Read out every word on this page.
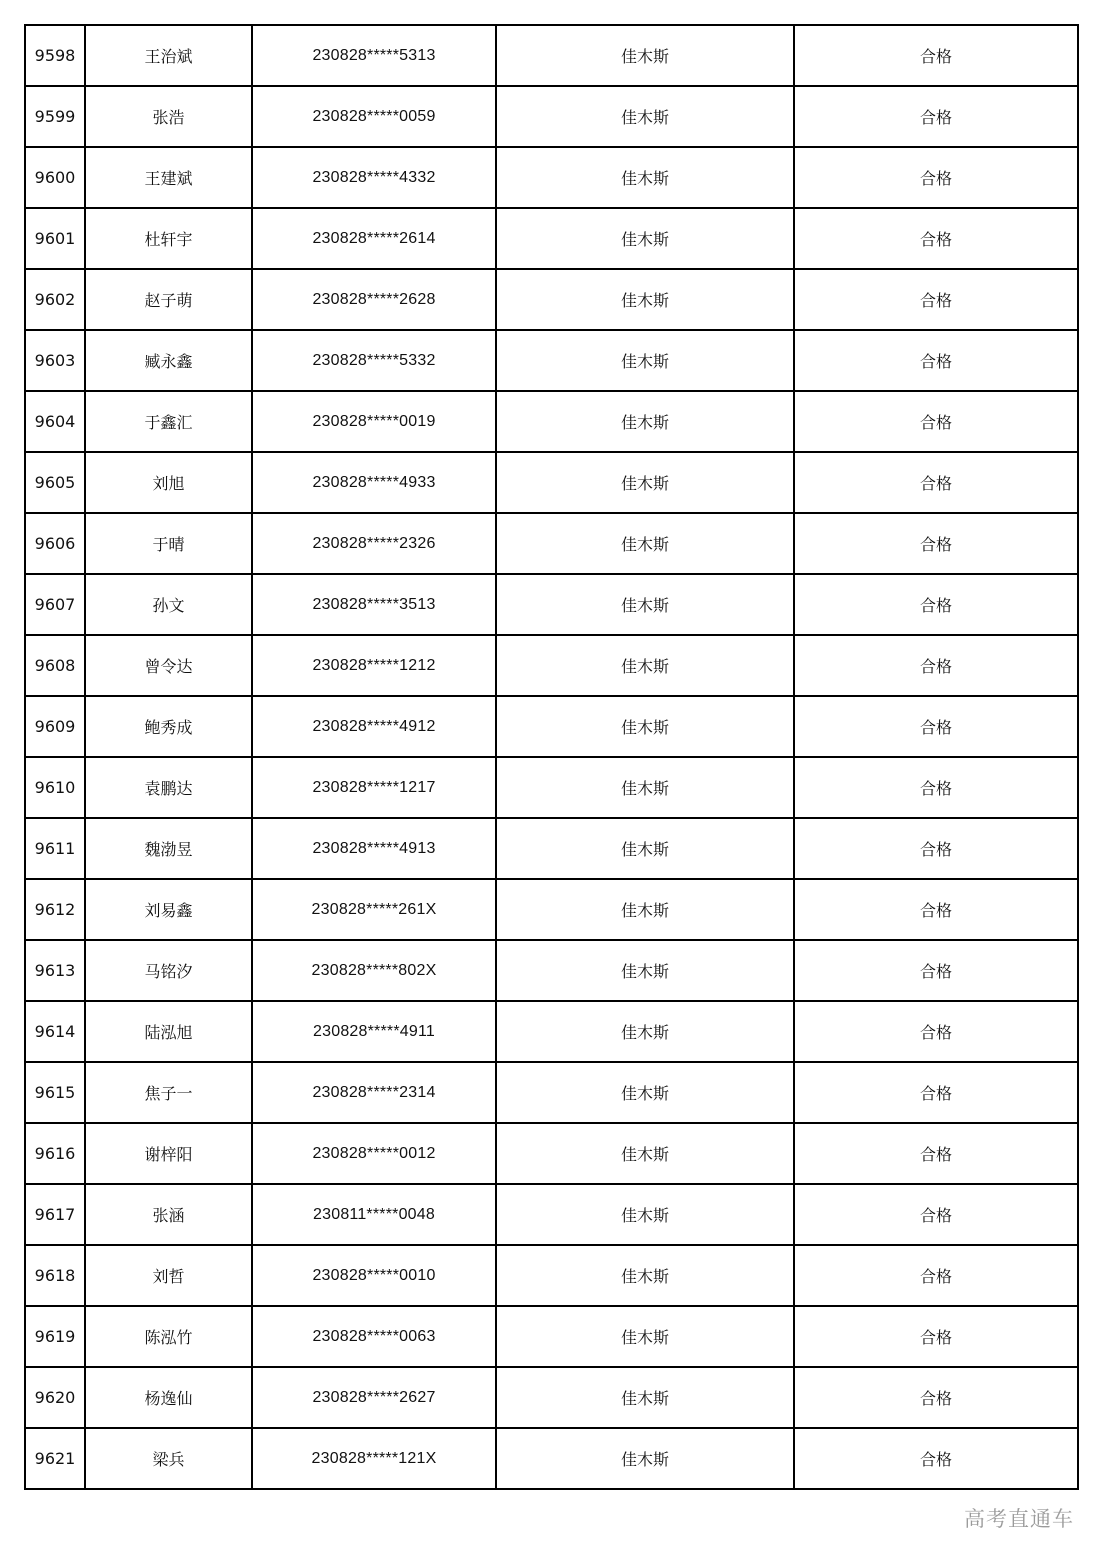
9598	王治斌	230828*****5313	佳木斯	合格
9599	张浩	230828*****0059	佳木斯	合格
9600	王建斌	230828*****4332	佳木斯	合格
9601	杜轩宇	230828*****2614	佳木斯	合格
9602	赵子萌	230828*****2628	佳木斯	合格
9603	臧永鑫	230828*****5332	佳木斯	合格
9604	于鑫汇	230828*****0019	佳木斯	合格
9605	刘旭	230828*****4933	佳木斯	合格
9606	于晴	230828*****2326	佳木斯	合格
9607	孙文	230828*****3513	佳木斯	合格
9608	曾令达	230828*****1212	佳木斯	合格
9609	鲍秀成	230828*****4912	佳木斯	合格
9610	袁鹏达	230828*****1217	佳木斯	合格
9611	魏渤昱	230828*****4913	佳木斯	合格
9612	刘易鑫	230828*****261X	佳木斯	合格
9613	马铭汐	230828*****802X	佳木斯	合格
9614	陆泓旭	230828*****4911	佳木斯	合格
9615	焦子一	230828*****2314	佳木斯	合格
9616	谢梓阳	230828*****0012	佳木斯	合格
9617	张涵	230811*****0048	佳木斯	合格
9618	刘哲	230828*****0010	佳木斯	合格
9619	陈泓竹	230828*****0063	佳木斯	合格
9620	杨逸仙	230828*****2627	佳木斯	合格
9621	梁兵	230828*****121X	佳木斯	合格
高考直通车
